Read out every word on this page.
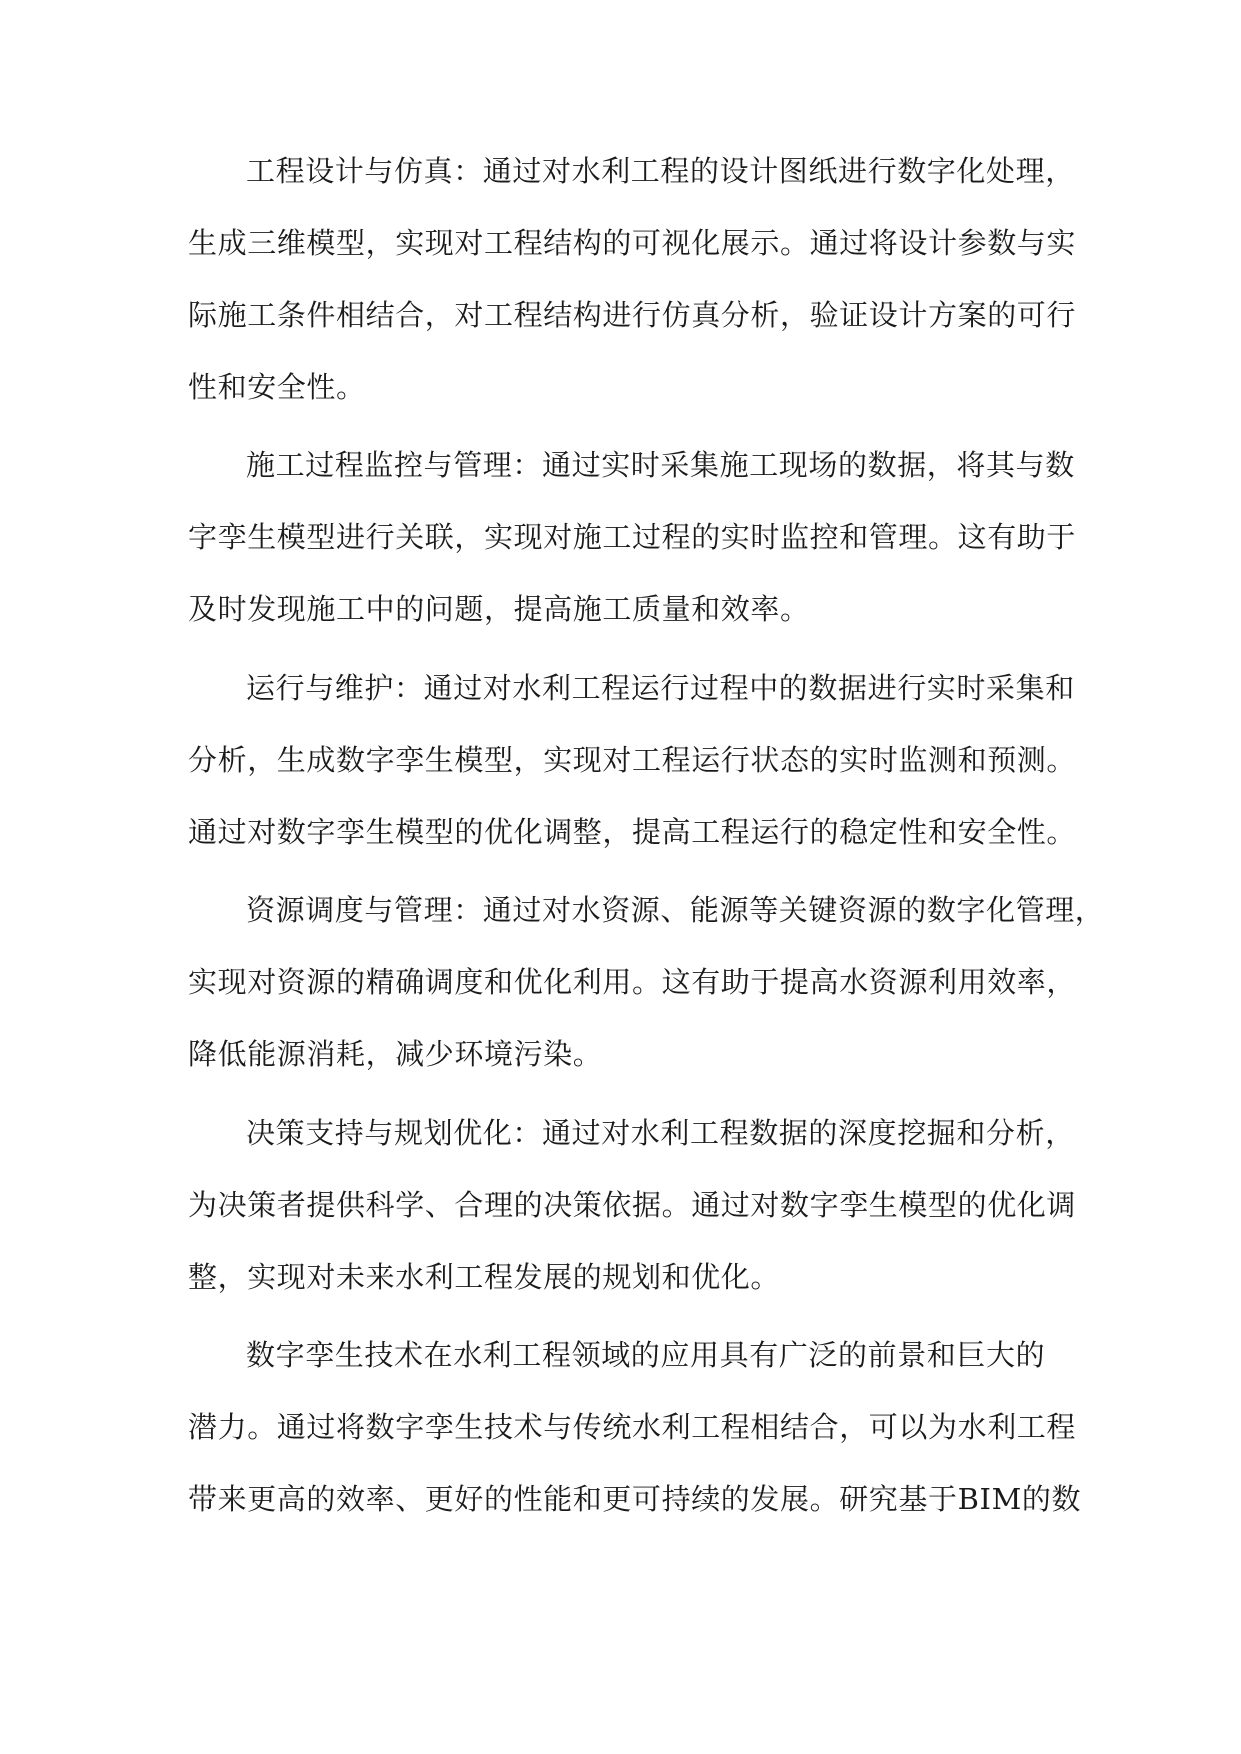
工程设计与仿真：通过对水利工程的设计图纸进行数字化处理，
生成三维模型，实现对工程结构的可视化展示。通过将设计参数与实
际施工条件相结合，对工程结构进行仿真分析，验证设计方案的可行
性和安全性。
施工过程监控与管理：通过实时采集施工现场的数据，将其与数
字孪生模型进行关联，实现对施工过程的实时监控和管理。这有助于
及时发现施工中的问题，提高施工质量和效率。
运行与维护：通过对水利工程运行过程中的数据进行实时采集和
分析，生成数字孪生模型，实现对工程运行状态的实时监测和预测。
通过对数字孪生模型的优化调整，提高工程运行的稳定性和安全性。
资源调度与管理：通过对水资源、能源等关键资源的数字化管理，
实现对资源的精确调度和优化利用。这有助于提高水资源利用效率，
降低能源消耗，减少环境污染。
决策支持与规划优化：通过对水利工程数据的深度挖掘和分析，
为决策者提供科学、合理的决策依据。通过对数字孪生模型的优化调
整，实现对未来水利工程发展的规划和优化。
数字孪生技术在水利工程领域的应用具有广泛的前景和巨大的
潜力。通过将数字孪生技术与传统水利工程相结合，可以为水利工程
带来更高的效率、更好的性能和更可持续的发展。研究基于BIM的数
